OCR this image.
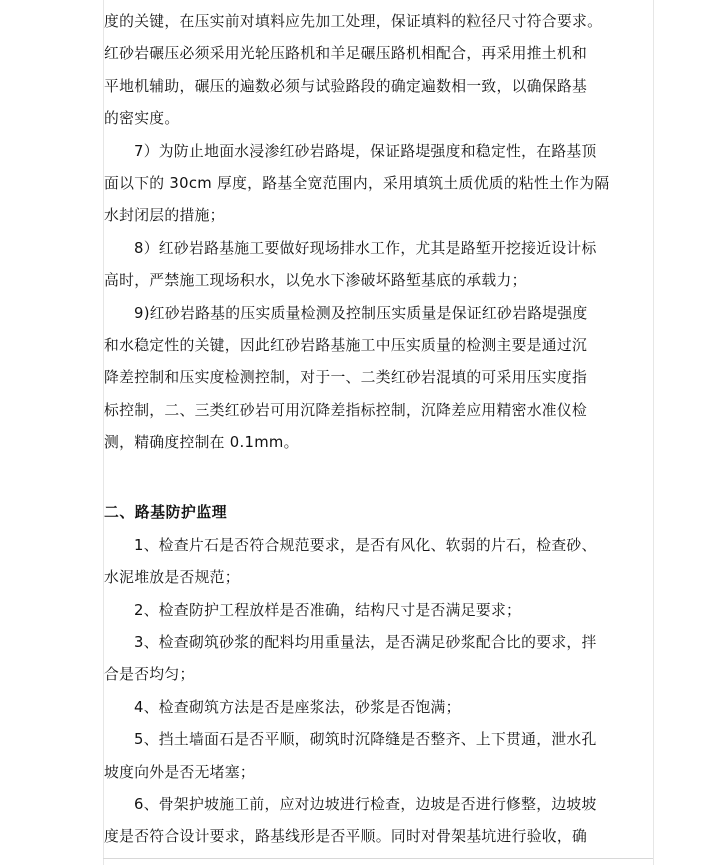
度的关键，在压实前对填料应先加工处理，保证填料的粒径尺寸符合要求。
红砂岩碾压必须采用光轮压路机和羊足碾压路机相配合，再采用推土机和
平地机辅助，碾压的遍数必须与试验路段的确定遍数相一致，以确保路基
的密实度。
7）为防止地面水浸渗红砂岩路堤，保证路堤强度和稳定性，在路基顶
面以下的 30cm 厚度，路基全宽范围内，采用填筑土质优质的粘性土作为隔
水封闭层的措施；
8）红砂岩路基施工要做好现场排水工作，尤其是路堑开挖接近设计标
高时，严禁施工现场积水，以免水下渗破坏路堑基底的承载力；
9)红砂岩路基的压实质量检测及控制压实质量是保证红砂岩路堤强度
和水稳定性的关键，因此红砂岩路基施工中压实质量的检测主要是通过沉
降差控制和压实度检测控制，对于一、二类红砂岩混填的可采用压实度指
标控制，二、三类红砂岩可用沉降差指标控制，沉降差应用精密水准仪检
测，精确度控制在 0.1mm。
二、路基防护监理
1、检查片石是否符合规范要求，是否有风化、软弱的片石，检查砂、
水泥堆放是否规范；
2、检查防护工程放样是否准确，结构尺寸是否满足要求；
3、检查砌筑砂浆的配料均用重量法，是否满足砂浆配合比的要求，拌
合是否均匀；
4、检查砌筑方法是否是座浆法，砂浆是否饱满；
5、挡土墙面石是否平顺，砌筑时沉降缝是否整齐、上下贯通，泄水孔
坡度向外是否无堵塞；
6、骨架护坡施工前，应对边坡进行检查，边坡是否进行修整，边坡坡
度是否符合设计要求，路基线形是否平顺。同时对骨架基坑进行验收，确
